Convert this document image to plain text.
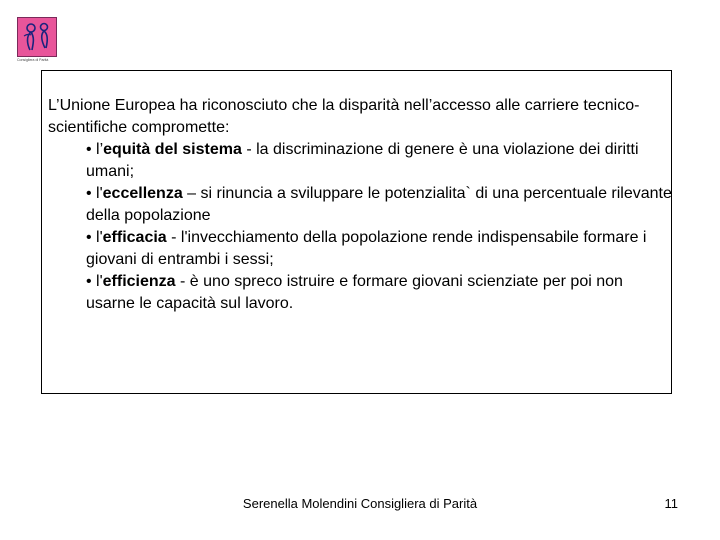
Consigliera di Parità

L’Unione Europea ha riconosciuto che la disparità nell’accesso alle carriere tecnico-scientifiche compromette:

• l’equità del sistema - la discriminazione di genere è una violazione dei diritti umani;
• l'eccellenza – si rinuncia a sviluppare le potenzialita` di una percentuale rilevante della popolazione
• l'efficacia - l'invecchiamento della popolazione rende indispensabile formare i giovani di entrambi i sessi;
• l'efficienza - è uno spreco istruire e formare giovani scienziate per poi non usarne le capacità sul lavoro.
Serenella Molendini Consigliera di Parità	11
